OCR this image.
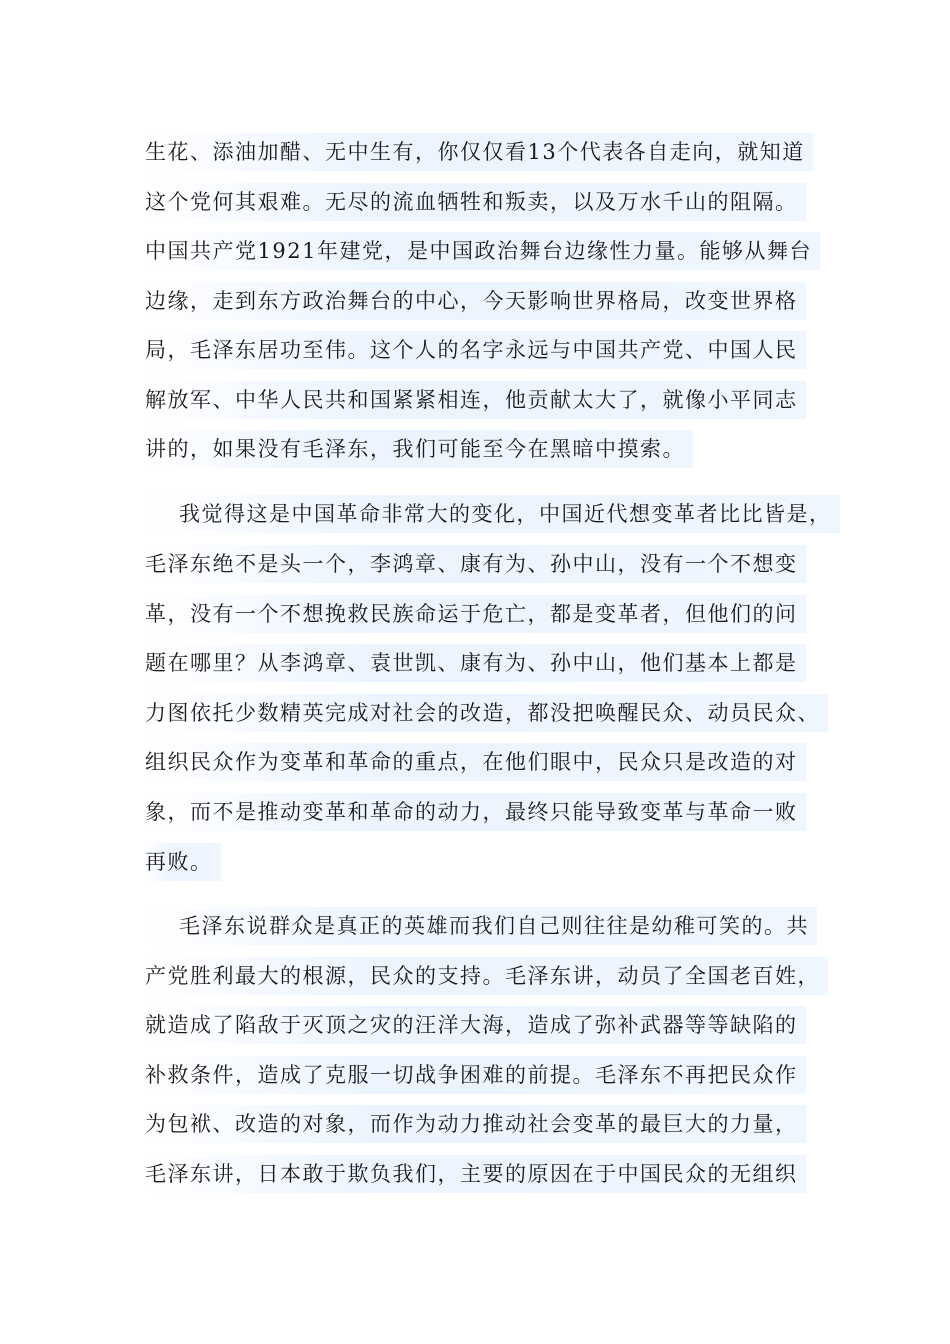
生花、添油加醋、无中生有，你仅仅看13个代表各自走向，就知道
这个党何其艰难。无尽的流血牺牲和叛卖，以及万水千山的阻隔。
中国共产党1921年建党，是中国政治舞台边缘性力量。能够从舞台
边缘，走到东方政治舞台的中心，今天影响世界格局，改变世界格
局，毛泽东居功至伟。这个人的名字永远与中国共产党、中国人民
解放军、中华人民共和国紧紧相连，他贡献太大了，就像小平同志
讲的，如果没有毛泽东，我们可能至今在黑暗中摸索。
我觉得这是中国革命非常大的变化，中国近代想变革者比比皆是，
毛泽东绝不是头一个，李鸿章、康有为、孙中山，没有一个不想变
革，没有一个不想挽救民族命运于危亡，都是变革者，但他们的问
题在哪里？从李鸿章、袁世凯、康有为、孙中山，他们基本上都是
力图依托少数精英完成对社会的改造，都没把唤醒民众、动员民众、
组织民众作为变革和革命的重点，在他们眼中，民众只是改造的对
象，而不是推动变革和革命的动力，最终只能导致变革与革命一败
再败。
毛泽东说群众是真正的英雄而我们自己则往往是幼稚可笑的。共
产党胜利最大的根源，民众的支持。毛泽东讲，动员了全国老百姓，
就造成了陷敌于灭顶之灾的汪洋大海，造成了弥补武器等等缺陷的
补救条件，造成了克服一切战争困难的前提。毛泽东不再把民众作
为包袱、改造的对象，而作为动力推动社会变革的最巨大的力量，
毛泽东讲，日本敢于欺负我们，主要的原因在于中国民众的无组织
